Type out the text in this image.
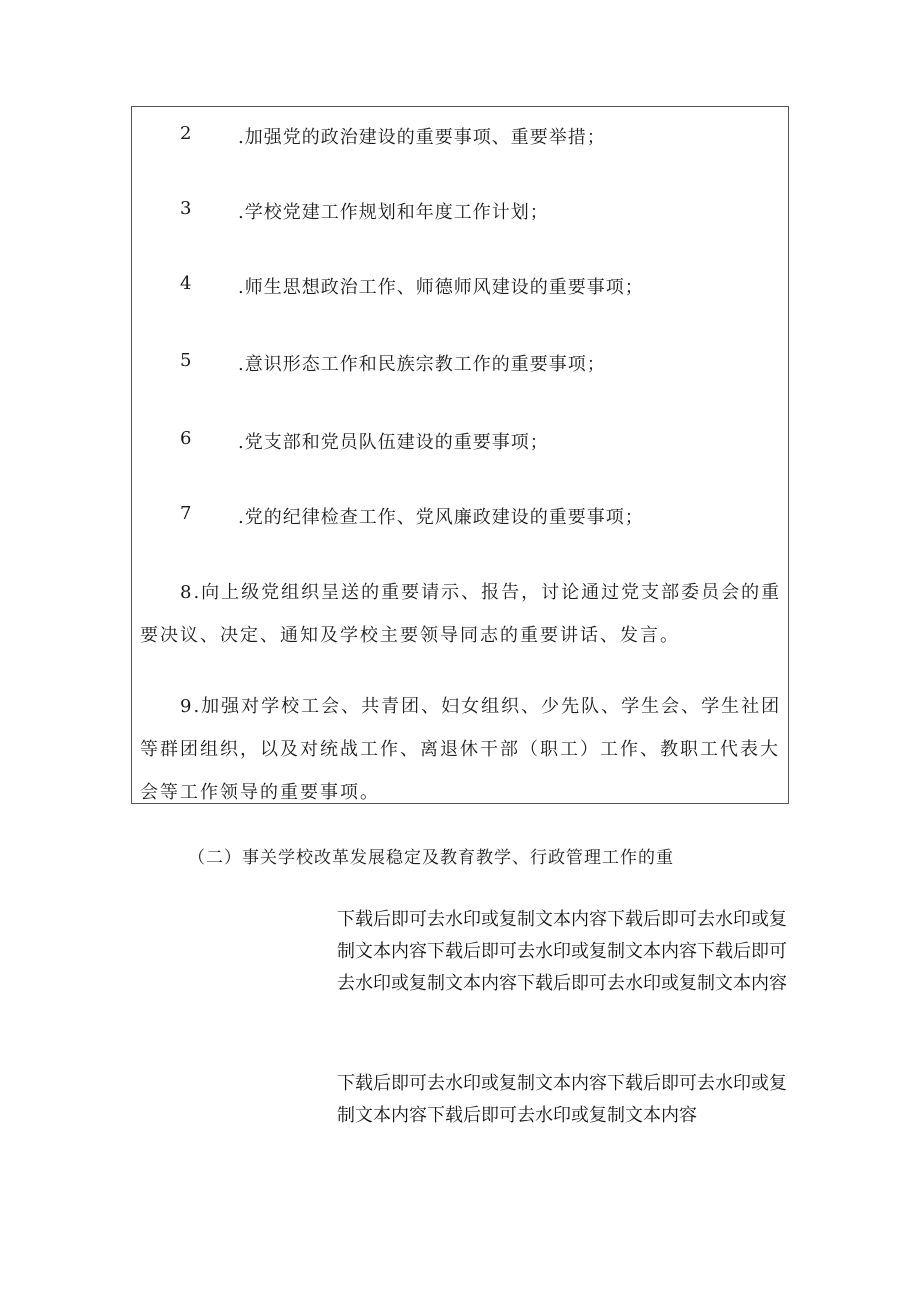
2	.加强党的政治建设的重要事项、重要举措；
3	.学校党建工作规划和年度工作计划；
4	.师生思想政治工作、师德师风建设的重要事项；
5	.意识形态工作和民族宗教工作的重要事项；
6	.党支部和党员队伍建设的重要事项；
7	.党的纪律检查工作、党风廉政建设的重要事项；
8.向上级党组织呈送的重要请示、报告，讨论通过党支部委员会的重要决议、决定、通知及学校主要领导同志的重要讲话、发言。
9.加强对学校工会、共青团、妇女组织、少先队、学生会、学生社团等群团组织，以及对统战工作、离退休干部（职工）工作、教职工代表大会等工作领导的重要事项。
（二）事关学校改革发展稳定及教育教学、行政管理工作的重
下载后即可去水印或复制文本内容下载后即可去水印或复制文本内容下载后即可去水印或复制文本内容下载后即可去水印或复制文本内容下载后即可去水印或复制文本内容
下载后即可去水印或复制文本内容下载后即可去水印或复制文本内容下载后即可去水印或复制文本内容
